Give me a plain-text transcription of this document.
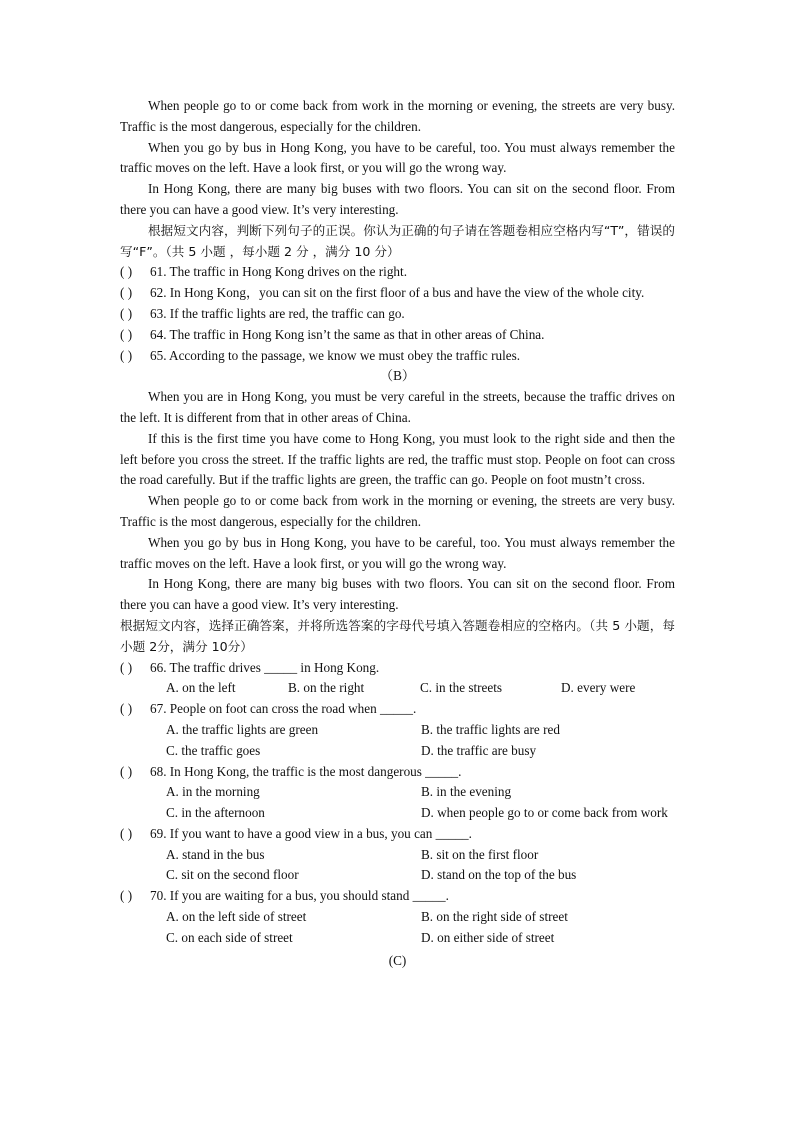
When people go to or come back from work in the morning or evening, the streets are very busy. Traffic is the most dangerous, especially for the children.

When you go by bus in Hong Kong, you have to be careful, too. You must always remember the traffic moves on the left. Have a look first, or you will go the wrong way.

In Hong Kong, there are many big buses with two floors. You can sit on the second floor. From there you can have a good view. It’s very interesting.

根据短文内容，判断下列句子的正误。你认为正确的句子请在答题卷相应空格内写“T”，错误的写“F”。（共 5 小题 ，每小题 2 分 ，满分 10 分）

( ) 61. The traffic in Hong Kong drives on the right.

( ) 62. In Hong Kong，you can sit on the first floor of a bus and have the view of the whole city.

( ) 63. If the traffic lights are red, the traffic can go.

( ) 64. The traffic in Hong Kong isn’t the same as that in other areas of China.

( ) 65. According to the passage, we know we must obey the traffic rules.

（B）

When you are in Hong Kong, you must be very careful in the streets, because the traffic drives on the left. It is different from that in other areas of China.

If this is the first time you have come to Hong Kong, you must look to the right side and then the left before you cross the street. If the traffic lights are red, the traffic must stop. People on foot can cross the road carefully. But if the traffic lights are green, the traffic can go. People on foot mustn’t cross.

When people go to or come back from work in the morning or evening, the streets are very busy. Traffic is the most dangerous, especially for the children.

When you go by bus in Hong Kong, you have to be careful, too. You must always remember the traffic moves on the left. Have a look first, or you will go the wrong way.

In Hong Kong, there are many big buses with two floors. You can sit on the second floor. From there you can have a good view. It’s very interesting.

根据短文内容，选择正确答案，并将所选答案的字母代号填入答题卷相应的空格内。（共 5 小题，每小题 2分，满分 10分）

( ) 66. The traffic drives _____ in Hong Kong.

A. on the left	B. on the right	C. in the streets	D. every were

( ) 67. People on foot can cross the road when _____.

A. the traffic lights are green	B. the traffic lights are red
C. the traffic goes	D. the traffic are busy

( ) 68. In Hong Kong, the traffic is the most dangerous _____.

A. in the morning	B. in the evening
C. in the afternoon	D. when people go to or come back from work

( ) 69. If you want to have a good view in a bus, you can _____.

A. stand in the bus	B. sit on the first floor
C. sit on the second floor	D. stand on the top of the bus

( ) 70. If you are waiting for a bus, you should stand _____.

A. on the left side of street	B. on the right side of street
C. on each side of street	D. on either side of street

(C)
